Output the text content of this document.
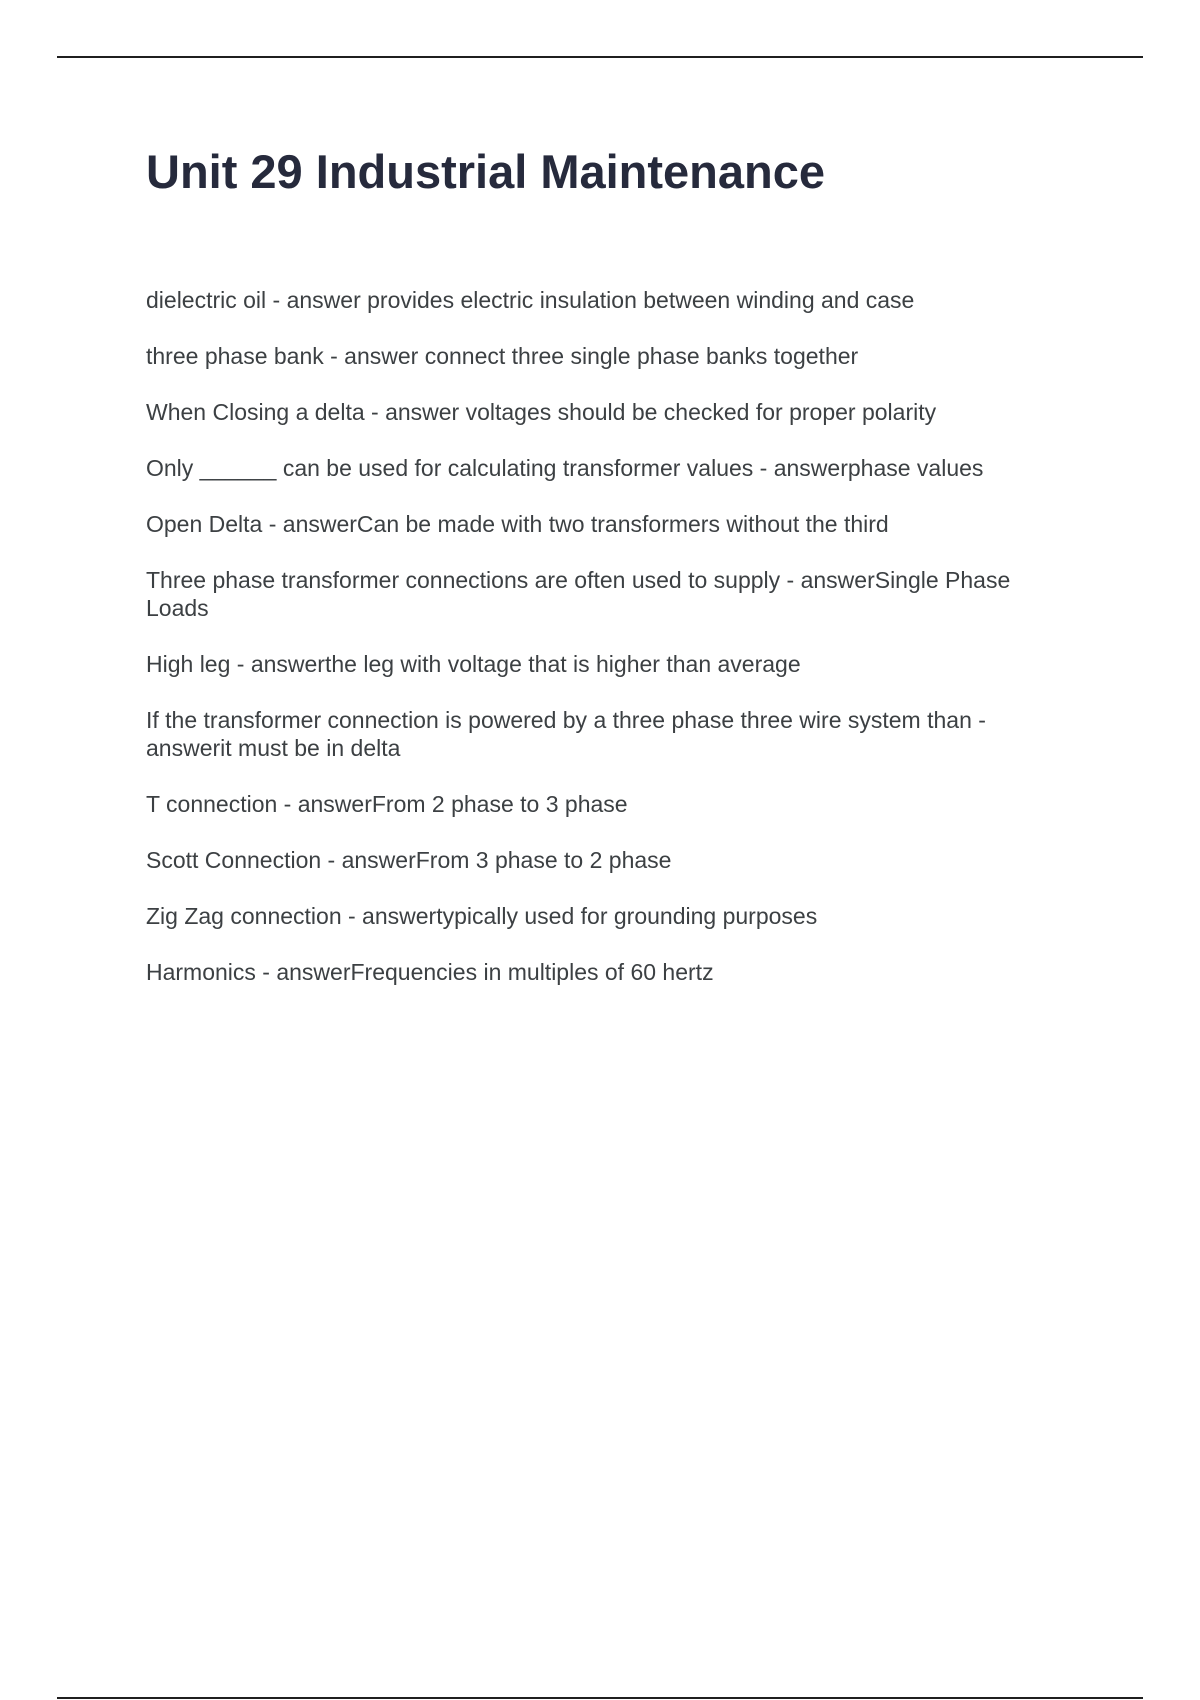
Unit 29 Industrial Maintenance
dielectric oil - answer provides electric insulation between winding and case
three phase bank - answer connect three single phase banks together
When Closing a delta - answer voltages should be checked for proper polarity
Only ______ can be used for calculating transformer values - answerphase values
Open Delta - answerCan be made with two transformers without the third
Three phase transformer connections are often used to supply - answerSingle Phase Loads
High leg - answerthe leg with voltage that is higher than average
If the transformer connection is powered by a three phase three wire system than - answerit must be in delta
T connection - answerFrom 2 phase to 3 phase
Scott Connection - answerFrom 3 phase to 2 phase
Zig Zag connection - answertypically used for grounding purposes
Harmonics - answerFrequencies in multiples of 60 hertz
